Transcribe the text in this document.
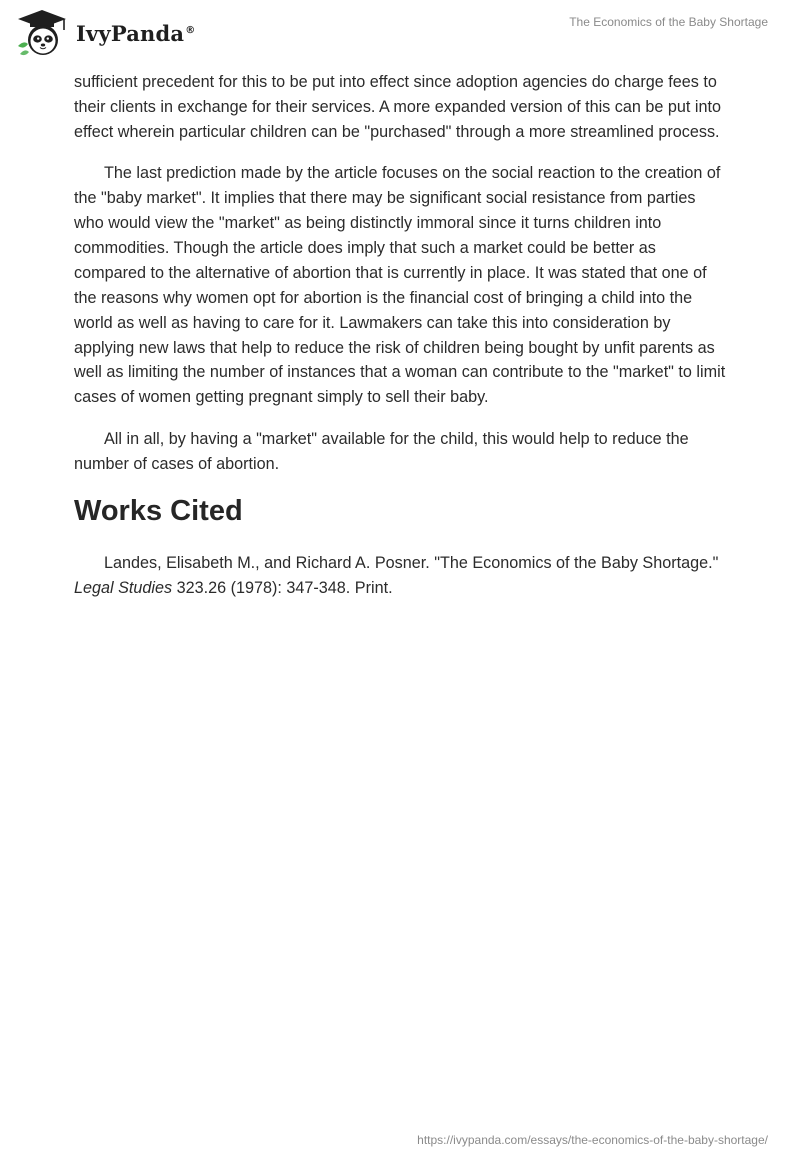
IvyPanda®
The Economics of the Baby Shortage

sufficient precedent for this to be put into effect since adoption agencies do charge fees to their clients in exchange for their services. A more expanded version of this can be put into effect wherein particular children can be "purchased" through a more streamlined process.

The last prediction made by the article focuses on the social reaction to the creation of the "baby market". It implies that there may be significant social resistance from parties who would view the "market" as being distinctly immoral since it turns children into commodities. Though the article does imply that such a market could be better as compared to the alternative of abortion that is currently in place. It was stated that one of the reasons why women opt for abortion is the financial cost of bringing a child into the world as well as having to care for it. Lawmakers can take this into consideration by applying new laws that help to reduce the risk of children being bought by unfit parents as well as limiting the number of instances that a woman can contribute to the "market" to limit cases of women getting pregnant simply to sell their baby.

All in all, by having a "market" available for the child, this would help to reduce the number of cases of abortion.

Works Cited

Landes, Elisabeth M., and Richard A. Posner. "The Economics of the Baby Shortage." Legal Studies 323.26 (1978): 347-348. Print.

https://ivypanda.com/essays/the-economics-of-the-baby-shortage/
